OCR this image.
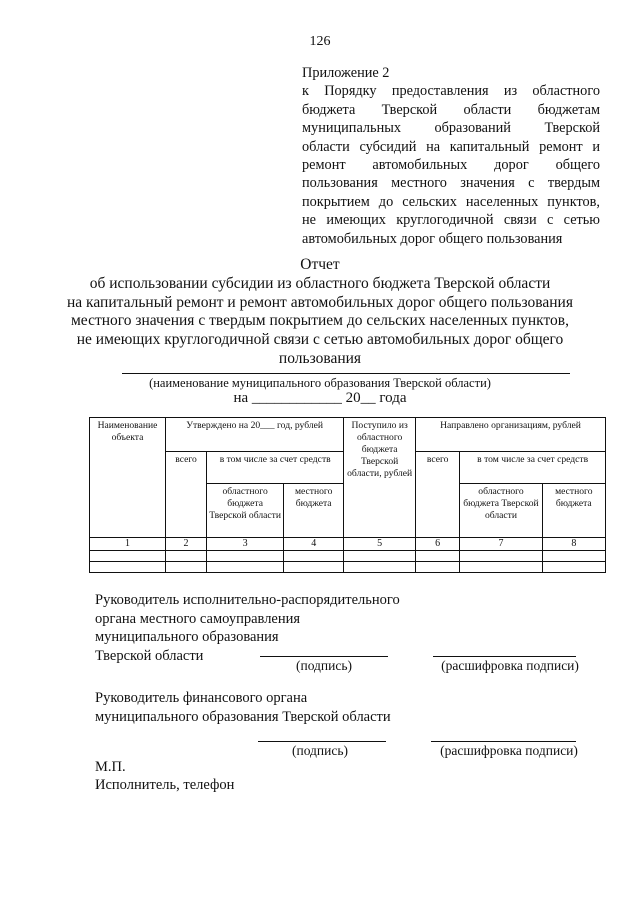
126
Приложение 2
к Порядку предоставления из областного
бюджета Тверской области бюджетам
муниципальных образований Тверской
области субсидий на капитальный ремонт и
ремонт автомобильных дорог общего
пользования местного значения с твердым
покрытием до сельских населенных пунктов,
не имеющих круглогодичной связи с сетью
автомобильных дорог общего пользования
Отчет
об использовании субсидии из областного бюджета Тверской области
на капитальный ремонт и ремонт автомобильных дорог общего пользования
местного значения с твердым покрытием до сельских населенных пунктов,
не имеющих круглогодичной связи с сетью автомобильных дорог общего
пользования
(наименование муниципального образования Тверской области)
на ____________ 20__ года
Наименование объекта	Утверждено на 20___ год, рублей			Поступило из областного бюджета Тверской области, рублей	Направлено организациям, рублей		
	всего	в том числе за счет средств			всего	в том числе за счет средств	
		областного бюджета Тверской области	местного бюджета			областного бюджета Тверской области	местного бюджета
1	2	3	4	5	6	7	8

Руководитель исполнительно-распорядительного
органа местного самоуправления
муниципального образования
Тверской области
(подпись)	(расшифровка подписи)
Руководитель финансового органа
муниципального образования Тверской области
(подпись)	(расшифровка подписи)
М.П.
Исполнитель, телефон
